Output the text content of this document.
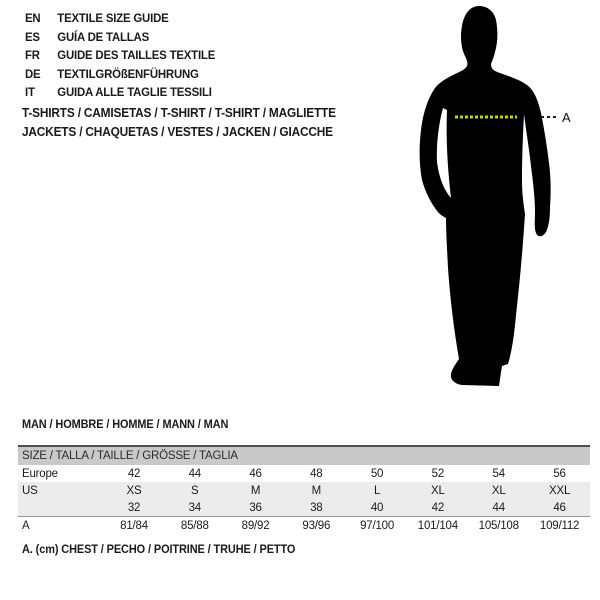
EN TEXTILE SIZE GUIDE
ES GUÍA DE TALLAS
FR GUIDE DES TAILLES TEXTILE
DE TEXTILGRÖßENFÜHRUNG
IT GUIDA ALLE TAGLIE TESSILI
T-SHIRTS / CAMISETAS / T-SHIRT / T-SHIRT / MAGLIETTE
JACKETS / CHAQUETAS / VESTES / JACKEN / GIACCHE
A
MAN / HOMBRE / HOMME / MANN / MAN
SIZE / TALLA / TAILLE / GRÖSSE / TAGLIA								
Europe	42	44	46	48	50	52	54	56
US	XS	S	M	M	L	XL	XL	XXL
	32	34	36	38	40	42	44	46
A	81/84	85/88	89/92	93/96	97/100	101/104	105/108	109/112
A. (cm) CHEST / PECHO / POITRINE / TRUHE / PETTO
